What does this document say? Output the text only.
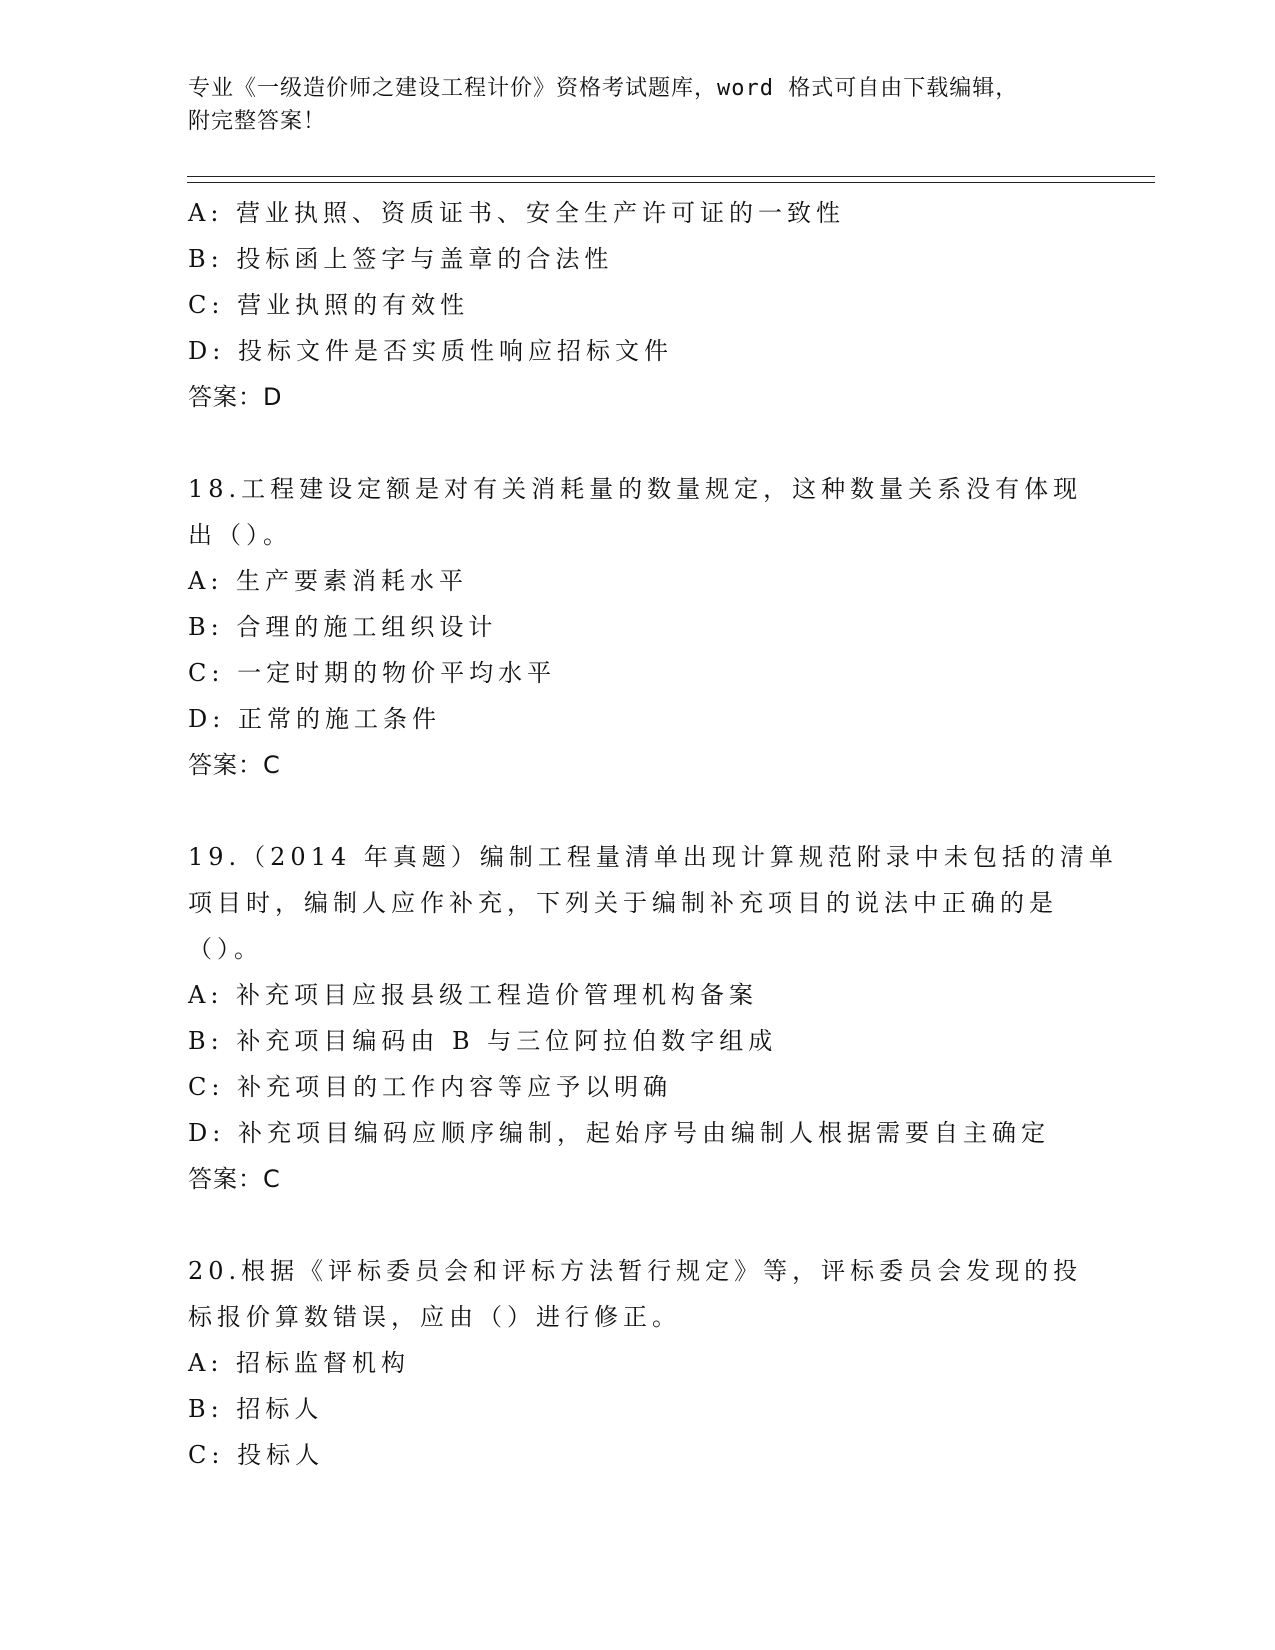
专业《一级造价师之建设工程计价》资格考试题库，word 格式可自由下载编辑，
附完整答案！
A: 营业执照、资质证书、安全生产许可证的一致性
B: 投标函上签字与盖章的合法性
C: 营业执照的有效性
D: 投标文件是否实质性响应招标文件
答案：D
18.工程建设定额是对有关消耗量的数量规定，这种数量关系没有体现
出（）。
A: 生产要素消耗水平
B: 合理的施工组织设计
C: 一定时期的物价平均水平
D: 正常的施工条件
答案：C
19.（2014 年真题）编制工程量清单出现计算规范附录中未包括的清单
项目时，编制人应作补充，下列关于编制补充项目的说法中正确的是
（）。
A: 补充项目应报县级工程造价管理机构备案
B: 补充项目编码由 B 与三位阿拉伯数字组成
C: 补充项目的工作内容等应予以明确
D: 补充项目编码应顺序编制，起始序号由编制人根据需要自主确定
答案：C
20.根据《评标委员会和评标方法暂行规定》等，评标委员会发现的投
标报价算数错误，应由（）进行修正。
A: 招标监督机构
B: 招标人
C: 投标人
